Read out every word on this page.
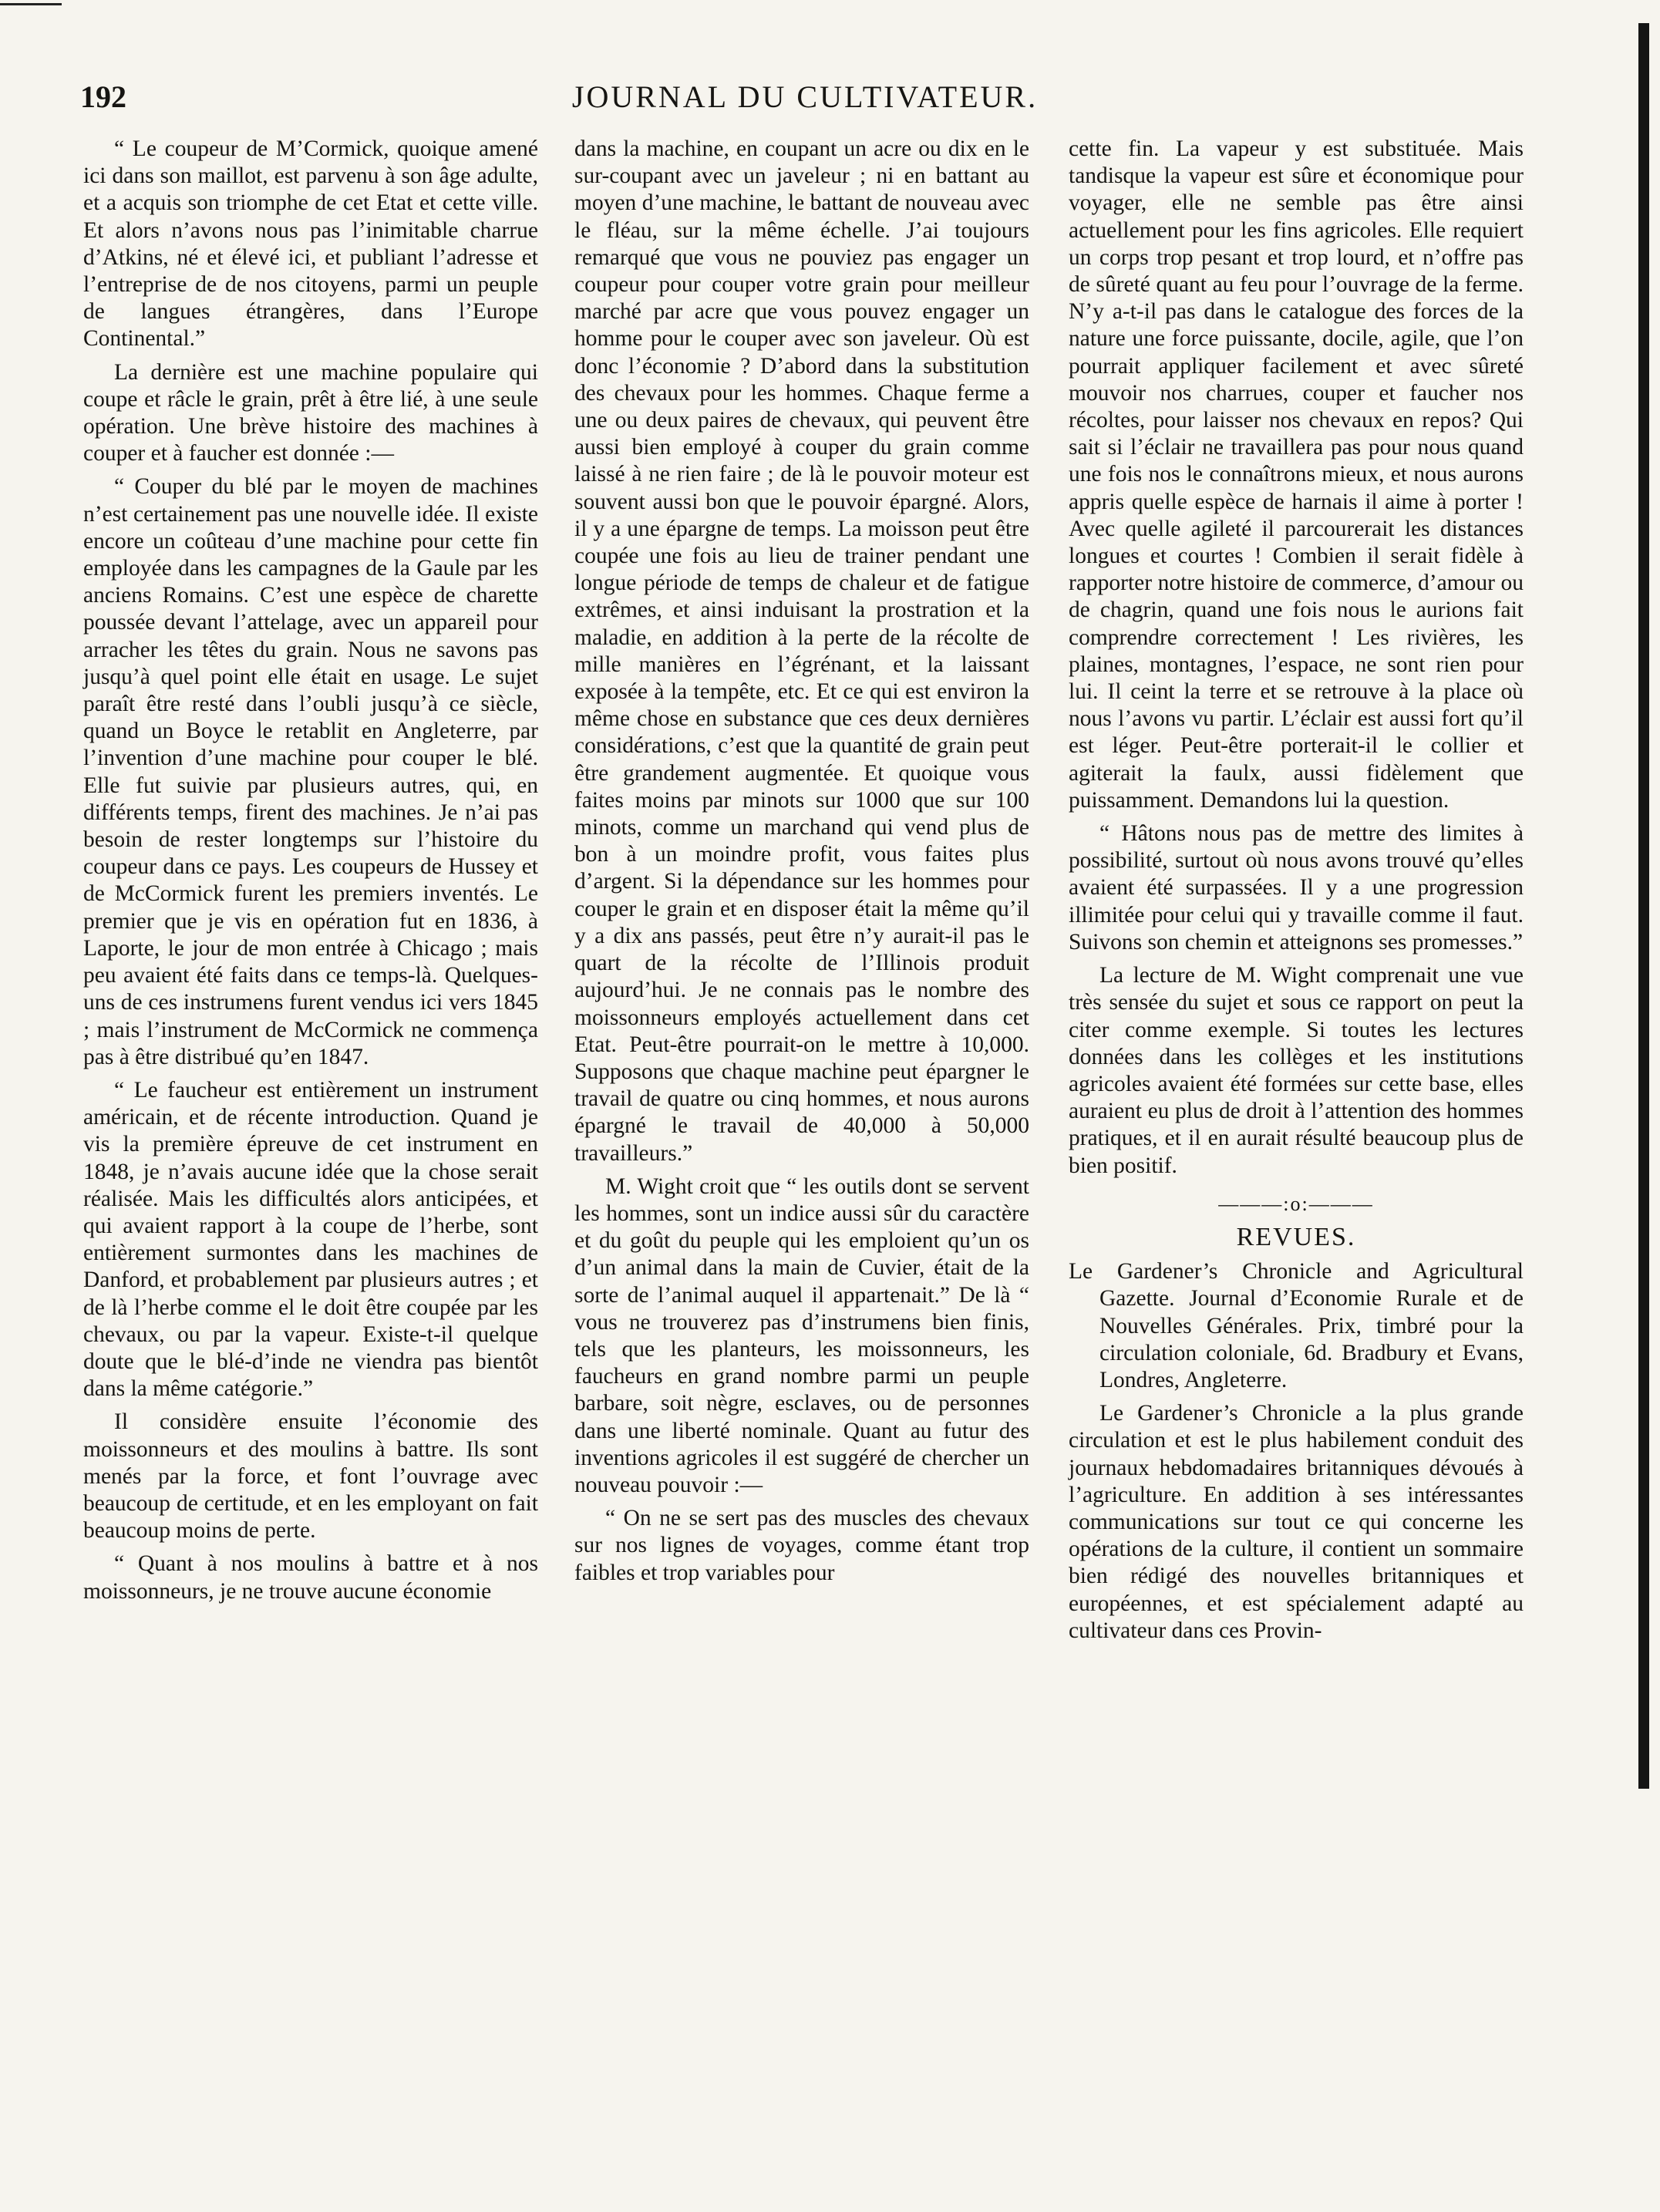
192	JOURNAL DU CULTIVATEUR.

“ Le coupeur de M’Cormick, quoique amené ici dans son maillot, est parvenu à son âge adulte, et a acquis son triomphe de cet Etat et cette ville. Et alors n’avons nous pas l’inimitable charrue d’Atkins, né et élevé ici, et publiant l’adresse et l’entreprise de de nos citoyens, parmi un peuple de langues étrangères, dans l’Europe Continental.”

La dernière est une machine populaire qui coupe et râcle le grain, prêt à être lié, à une seule opération. Une brève histoire des machines à couper et à faucher est donnée :—

“ Couper du blé par le moyen de machines n’est certainement pas une nouvelle idée. Il existe encore un coûteau d’une machine pour cette fin employée dans les campagnes de la Gaule par les anciens Romains. C’est une espèce de charette poussée devant l’attelage, avec un appareil pour arracher les têtes du grain. Nous ne savons pas jusqu’à quel point elle était en usage. Le sujet paraît être resté dans l’oubli jusqu’à ce siècle, quand un Boyce le retablit en Angleterre, par l’invention d’une machine pour couper le blé. Elle fut suivie par plusieurs autres, qui, en différents temps, firent des machines. Je n’ai pas besoin de rester longtemps sur l’histoire du coupeur dans ce pays. Les coupeurs de Hussey et de McCormick furent les premiers inventés. Le premier que je vis en opération fut en 1836, à Laporte, le jour de mon entrée à Chicago ; mais peu avaient été faits dans ce temps-là. Quelques-uns de ces instrumens furent vendus ici vers 1845 ; mais l’instrument de McCormick ne commença pas à être distribué qu’en 1847.

“ Le faucheur est entièrement un instrument américain, et de récente introduction. Quand je vis la première épreuve de cet instrument en 1848, je n’avais aucune idée que la chose serait réalisée. Mais les difficultés alors anticipées, et qui avaient rapport à la coupe de l’herbe, sont entièrement surmontes dans les machines de Danford, et probablement par plusieurs autres ; et de là l’herbe comme el le doit être coupée par les chevaux, ou par la vapeur. Existe-t-il quelque doute que le blé-d’inde ne viendra pas bientôt dans la même catégorie.”

Il considère ensuite l’économie des moissonneurs et des moulins à battre. Ils sont menés par la force, et font l’ouvrage avec beaucoup de certitude, et en les employant on fait beaucoup moins de perte.

“ Quant à nos moulins à battre et à nos moissonneurs, je ne trouve aucune économie

dans la machine, en coupant un acre ou dix en le sur-coupant avec un javeleur ; ni en battant au moyen d’une machine, le battant de nouveau avec le fléau, sur la même échelle. J’ai toujours remarqué que vous ne pouviez pas engager un coupeur pour couper votre grain pour meilleur marché par acre que vous pouvez engager un homme pour le couper avec son javeleur. Où est donc l’économie ? D’abord dans la substitution des chevaux pour les hommes. Chaque ferme a une ou deux paires de chevaux, qui peuvent être aussi bien employé à couper du grain comme laissé à ne rien faire ; de là le pouvoir moteur est souvent aussi bon que le pouvoir épargné. Alors, il y a une épargne de temps. La moisson peut être coupée une fois au lieu de trainer pendant une longue période de temps de chaleur et de fatigue extrêmes, et ainsi induisant la prostration et la maladie, en addition à la perte de la récolte de mille manières en l’égrénant, et la laissant exposée à la tempête, etc. Et ce qui est environ la même chose en substance que ces deux dernières considérations, c’est que la quantité de grain peut être grandement augmentée. Et quoique vous faites moins par minots sur 1000 que sur 100 minots, comme un marchand qui vend plus de bon à un moindre profit, vous faites plus d’argent. Si la dépendance sur les hommes pour couper le grain et en disposer était la même qu’il y a dix ans passés, peut être n’y aurait-il pas le quart de la récolte de l’Illinois produit aujourd’hui. Je ne connais pas le nombre des moissonneurs employés actuellement dans cet Etat. Peut-être pourrait-on le mettre à 10,000. Supposons que chaque machine peut épargner le travail de quatre ou cinq hommes, et nous aurons épargné le travail de 40,000 à 50,000 travailleurs.”

M. Wight croit que “ les outils dont se servent les hommes, sont un indice aussi sûr du caractère et du goût du peuple qui les emploient qu’un os d’un animal dans la main de Cuvier, était de la sorte de l’animal auquel il appartenait.” De là “ vous ne trouverez pas d’instrumens bien finis, tels que les planteurs, les moissonneurs, les faucheurs en grand nombre parmi un peuple barbare, soit nègre, esclaves, ou de personnes dans une liberté nominale. Quant au futur des inventions agricoles il est suggéré de chercher un nouveau pouvoir :—

“ On ne se sert pas des muscles des chevaux sur nos lignes de voyages, comme étant trop faibles et trop variables pour

cette fin. La vapeur y est substituée. Mais tandisque la vapeur est sûre et économique pour voyager, elle ne semble pas être ainsi actuellement pour les fins agricoles. Elle requiert un corps trop pesant et trop lourd, et n’offre pas de sûreté quant au feu pour l’ouvrage de la ferme. N’y a-t-il pas dans le catalogue des forces de la nature une force puissante, docile, agile, que l’on pourrait appliquer facilement et avec sûreté mouvoir nos charrues, couper et faucher nos récoltes, pour laisser nos chevaux en repos? Qui sait si l’éclair ne travaillera pas pour nous quand une fois nos le connaîtrons mieux, et nous aurons appris quelle espèce de harnais il aime à porter ! Avec quelle agileté il parcourerait les distances longues et courtes ! Combien il serait fidèle à rapporter notre histoire de commerce, d’amour ou de chagrin, quand une fois nous le aurions fait comprendre correctement ! Les rivières, les plaines, montagnes, l’espace, ne sont rien pour lui. Il ceint la terre et se retrouve à la place où nous l’avons vu partir. L’éclair est aussi fort qu’il est léger. Peut-être porterait-il le collier et agiterait la faulx, aussi fidèlement que puissamment. Demandons lui la question.

“ Hâtons nous pas de mettre des limites à possibilité, surtout où nous avons trouvé qu’elles avaient été surpassées. Il y a une progression illimitée pour celui qui y travaille comme il faut. Suivons son chemin et atteignons ses promesses.”

La lecture de M. Wight comprenait une vue très sensée du sujet et sous ce rapport on peut la citer comme exemple. Si toutes les lectures données dans les collèges et les institutions agricoles avaient été formées sur cette base, elles auraient eu plus de droit à l’attention des hommes pratiques, et il en aurait résulté beaucoup plus de bien positif.

———:o:———
REVUES.

Le Gardener’s Chronicle and Agricultural Gazette. Journal d’Economie Rurale et de Nouvelles Générales. Prix, timbré pour la circulation coloniale, 6d. Bradbury et Evans, Londres, Angleterre.

Le Gardener’s Chronicle a la plus grande circulation et est le plus habilement conduit des journaux hebdomadaires britanniques dévoués à l’agriculture. En addition à ses intéressantes communications sur tout ce qui concerne les opérations de la culture, il contient un sommaire bien rédigé des nouvelles britanniques et européennes, et est spécialement adapté au cultivateur dans ces Provin-
